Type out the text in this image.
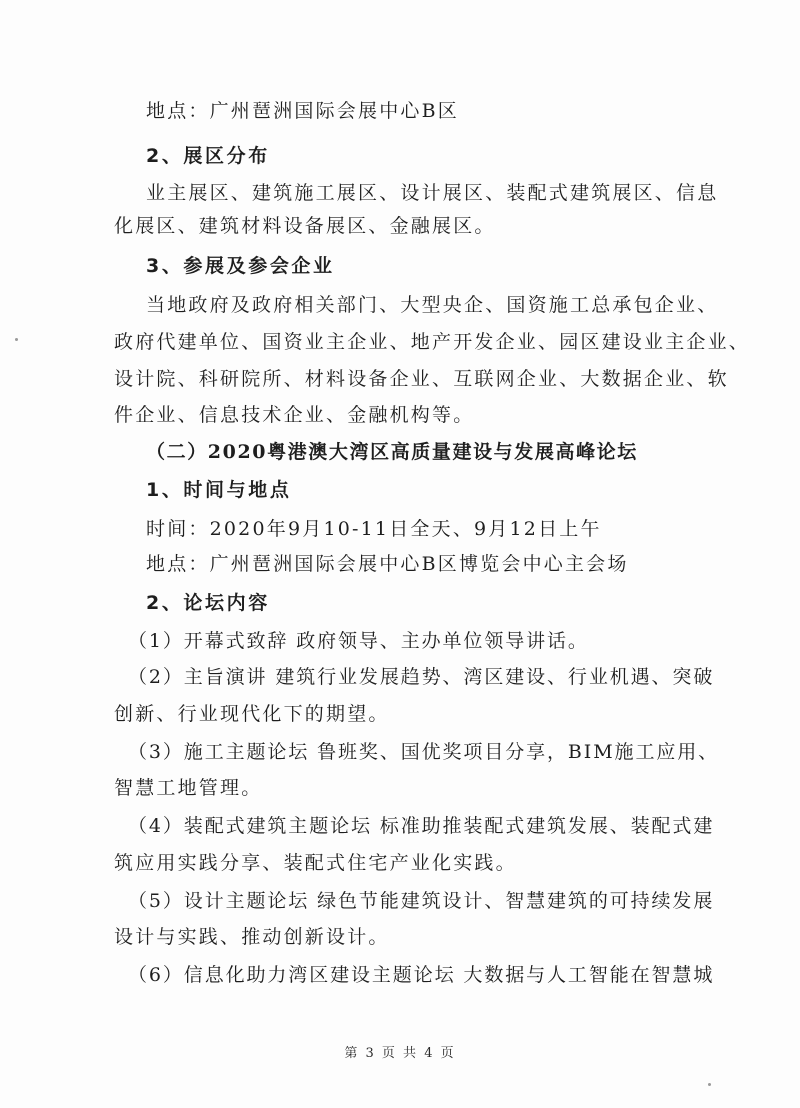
地点：广州琶洲国际会展中心B区
2、展区分布
业主展区、建筑施工展区、设计展区、装配式建筑展区、信息
化展区、建筑材料设备展区、金融展区。
3、参展及参会企业
当地政府及政府相关部门、大型央企、国资施工总承包企业、
政府代建单位、国资业主企业、地产开发企业、园区建设业主企业、
设计院、科研院所、材料设备企业、互联网企业、大数据企业、软
件企业、信息技术企业、金融机构等。
（二）2020粤港澳大湾区高质量建设与发展高峰论坛
1、时间与地点
时间：2020年9月10-11日全天、9月12日上午
地点：广州琶洲国际会展中心B区博览会中心主会场
2、论坛内容
（1）开幕式致辞 政府领导、主办单位领导讲话。
（2）主旨演讲 建筑行业发展趋势、湾区建设、行业机遇、突破
创新、行业现代化下的期望。
（3）施工主题论坛 鲁班奖、国优奖项目分享，BIM施工应用、
智慧工地管理。
（4）装配式建筑主题论坛 标准助推装配式建筑发展、装配式建
筑应用实践分享、装配式住宅产业化实践。
（5）设计主题论坛 绿色节能建筑设计、智慧建筑的可持续发展
设计与实践、推动创新设计。
（6）信息化助力湾区建设主题论坛 大数据与人工智能在智慧城
第 3 页 共 4 页
